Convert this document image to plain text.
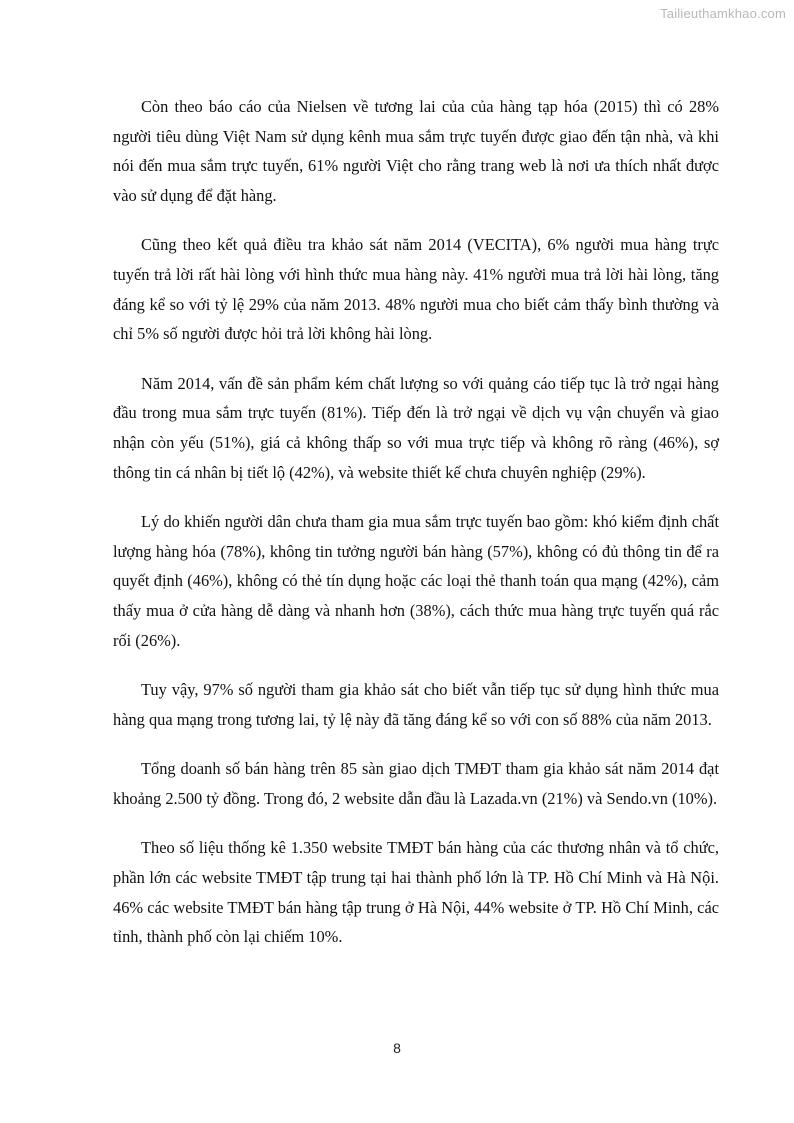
Tailieuthamkhao.com

Còn theo báo cáo của Nielsen về tương lai của của hàng tạp hóa (2015) thì có 28% người tiêu dùng Việt Nam sử dụng kênh mua sắm trực tuyến được giao đến tận nhà, và khi nói đến mua sắm trực tuyến, 61% người Việt cho rằng trang web là nơi ưa thích nhất được vào sử dụng để đặt hàng.

Cũng theo kết quả điều tra khảo sát năm 2014 (VECITA), 6% người mua hàng trực tuyến trả lời rất hài lòng với hình thức mua hàng này. 41% người mua trả lời hài lòng, tăng đáng kể so với tỷ lệ 29% của năm 2013. 48% người mua cho biết cảm thấy bình thường và chỉ 5% số người được hỏi trả lời không hài lòng.

Năm 2014, vấn đề sản phẩm kém chất lượng so với quảng cáo tiếp tục là trở ngại hàng đầu trong mua sắm trực tuyến (81%). Tiếp đến là trở ngại về dịch vụ vận chuyển và giao nhận còn yếu (51%), giá cả không thấp so với mua trực tiếp và không rõ ràng (46%), sợ thông tin cá nhân bị tiết lộ (42%), và website thiết kế chưa chuyên nghiệp (29%).

Lý do khiến người dân chưa tham gia mua sắm trực tuyến bao gồm: khó kiểm định chất lượng hàng hóa (78%), không tin tưởng người bán hàng (57%), không có đủ thông tin để ra quyết định (46%), không có thẻ tín dụng hoặc các loại thẻ thanh toán qua mạng (42%), cảm thấy mua ở cửa hàng dễ dàng và nhanh hơn (38%), cách thức mua hàng trực tuyến quá rắc rối (26%).

Tuy vậy, 97% số người tham gia khảo sát cho biết vẫn tiếp tục sử dụng hình thức mua hàng qua mạng trong tương lai, tỷ lệ này đã tăng đáng kể so với con số 88% của năm 2013.

Tổng doanh số bán hàng trên 85 sàn giao dịch TMĐT tham gia khảo sát năm 2014 đạt khoảng 2.500 tỷ đồng. Trong đó, 2 website dẫn đầu là Lazada.vn (21%) và Sendo.vn (10%).

Theo số liệu thống kê 1.350 website TMĐT bán hàng của các thương nhân và tổ chức, phần lớn các website TMĐT tập trung tại hai thành phố lớn là TP. Hồ Chí Minh và Hà Nội. 46% các website TMĐT bán hàng tập trung ở Hà Nội, 44% website ở TP. Hồ Chí Minh, các tỉnh, thành phố còn lại chiếm 10%.

8
